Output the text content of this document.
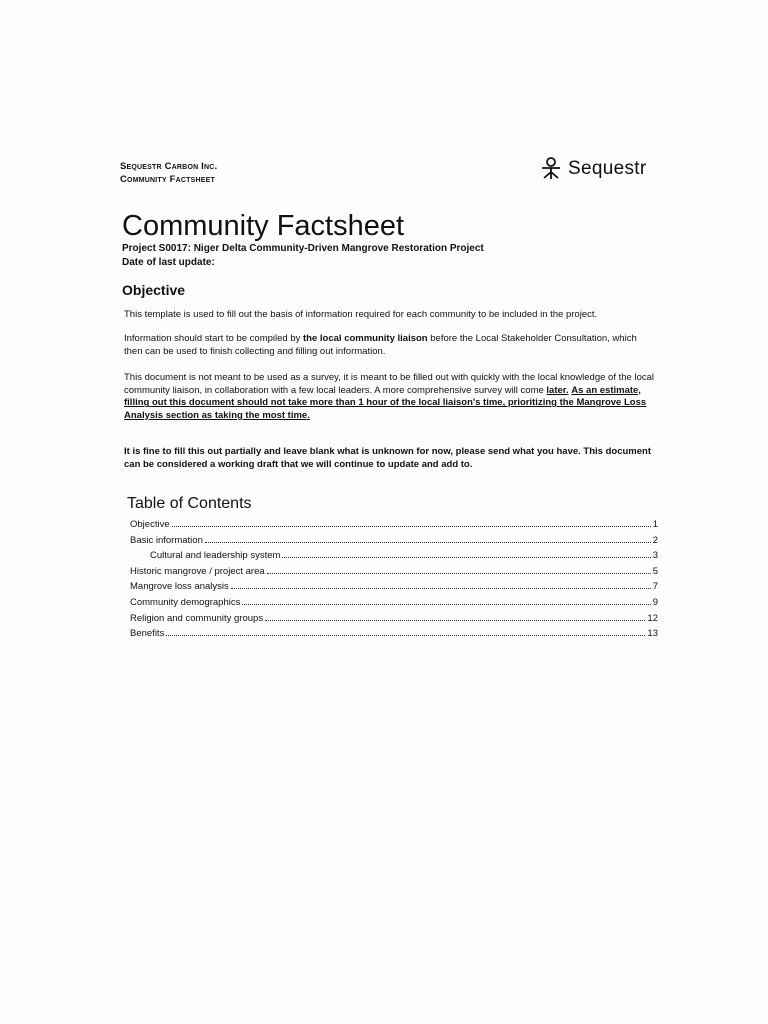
Sequestr Carbon Inc.
Community Factsheet
Sequestr
Community Factsheet
Project S0017: Niger Delta Community-Driven Mangrove Restoration Project
Date of last update:
Objective

This template is used to fill out the basis of information required for each community to be included in the project.

Information should start to be compiled by the local community liaison before the Local Stakeholder Consultation, which then can be used to finish collecting and filling out information.

This document is not meant to be used as a survey, it is meant to be filled out with quickly with the local knowledge of the local community liaison, in collaboration with a few local leaders. A more comprehensive survey will come later. As an estimate, filling out this document should not take more than 1 hour of the local liaison's time, prioritizing the Mangrove Loss Analysis section as taking the most time.

It is fine to fill this out partially and leave blank what is unknown for now, please send what you have. This document can be considered a working draft that we will continue to update and add to.

Table of Contents
Objective	1
Basic information	2
Cultural and leadership system	3
Historic mangrove / project area	5
Mangrove loss analysis	7
Community demographics	9
Religion and community groups	12
Benefits	13
